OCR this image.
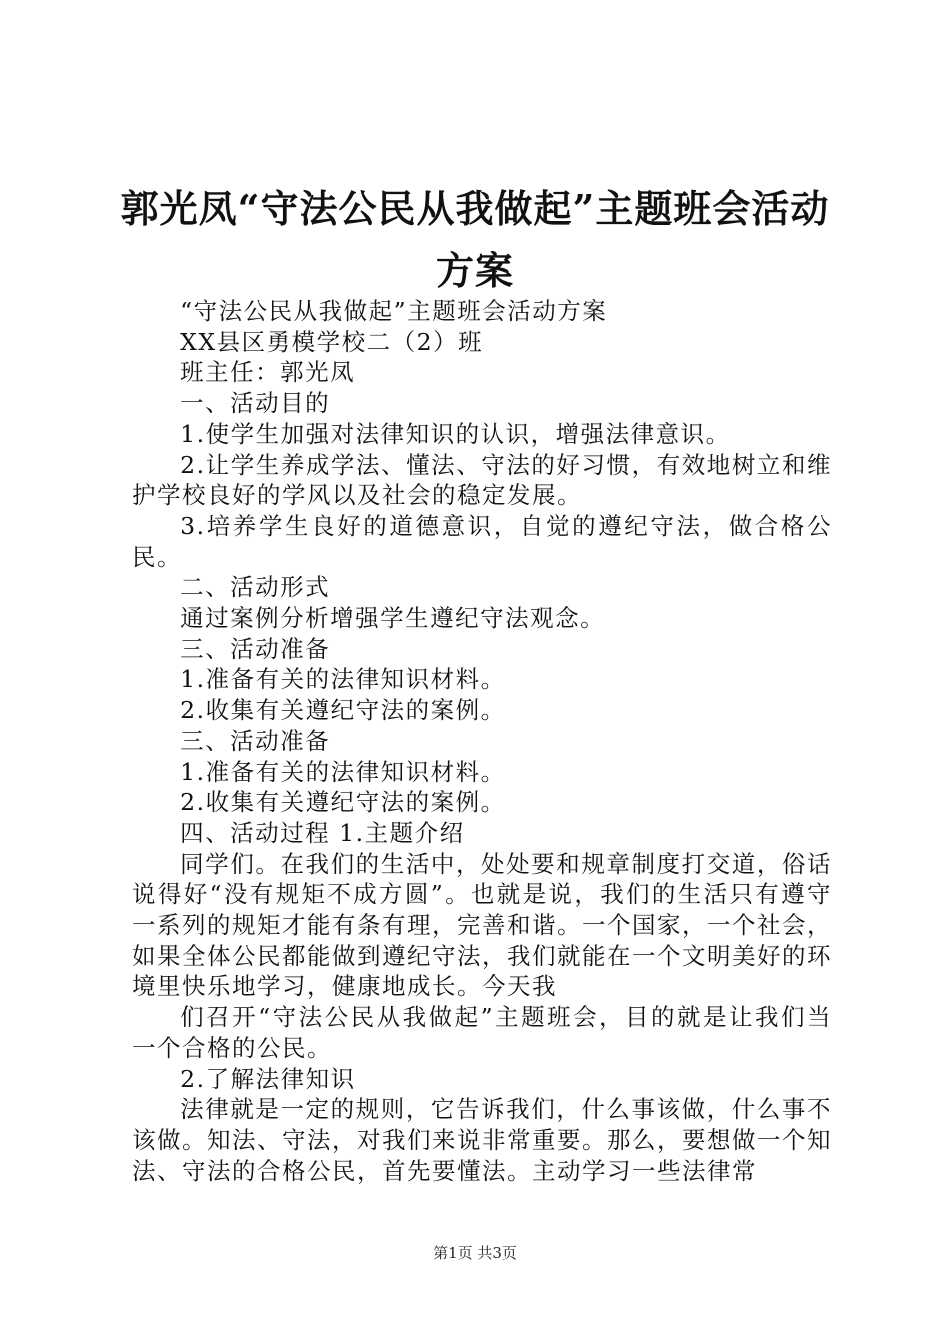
郭光凤“守法公民从我做起”主题班会活动方案

“守法公民从我做起”主题班会活动方案

XX县区勇模学校二（2）班

班主任：郭光凤

一、活动目的

1.使学生加强对法律知识的认识，增强法律意识。

2.让学生养成学法、懂法、守法的好习惯，有效地树立和维护学校良好的学风以及社会的稳定发展。

3.培养学生良好的道德意识，自觉的遵纪守法，做合格公民。

二、活动形式

通过案例分析增强学生遵纪守法观念。

三、活动准备

1.准备有关的法律知识材料。

2.收集有关遵纪守法的案例。

三、活动准备

1.准备有关的法律知识材料。

2.收集有关遵纪守法的案例。

四、活动过程 1.主题介绍

同学们。在我们的生活中，处处要和规章制度打交道，俗话说得好“没有规矩不成方圆”。也就是说，我们的生活只有遵守一系列的规矩才能有条有理，完善和谐。一个国家，一个社会，如果全体公民都能做到遵纪守法，我们就能在一个文明美好的环境里快乐地学习，健康地成长。今天我

们召开“守法公民从我做起”主题班会，目的就是让我们当一个合格的公民。

2.了解法律知识

法律就是一定的规则，它告诉我们，什么事该做，什么事不该做。知法、守法，对我们来说非常重要。那么，要想做一个知法、守法的合格公民，首先要懂法。主动学习一些法律常

第1页 共3页
